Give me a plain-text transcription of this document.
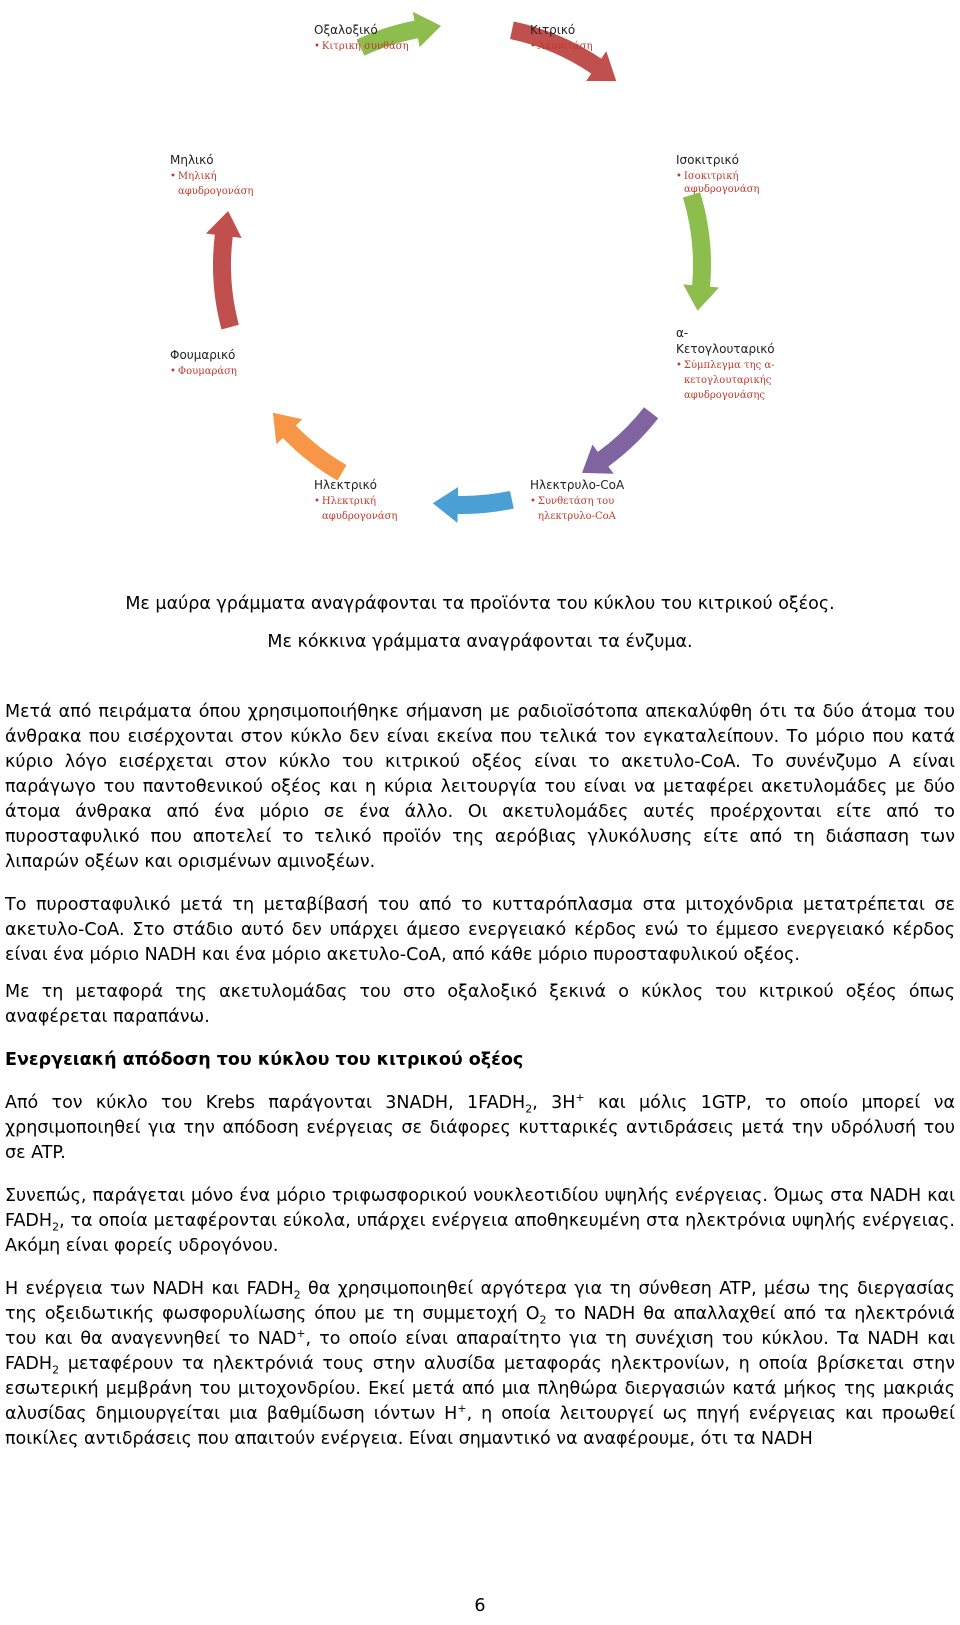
Οξαλοξικό
• Κιτρική συνθάση
Κιτρικό
• Ακονιτάση
Ισοκιτρικό
• Ισοκιτρική αφυδρογονάση
α-
Κετογλουταρικό
• Σύμπλεγμα της α-
κετογλουταρικής
αφυδρογονάσης
Ηλεκτρυλο-CoA
• Συνθετάση του
ηλεκτρυλο-CoA
Ηλεκτρικό
• Ηλεκτρική
αφυδρογονάση
Φουμαρικό
• Φουμαράση
Μηλικό
• Μηλική
αφυδρογονάση
Με μαύρα γράμματα αναγράφονται τα προϊόντα του κύκλου του κιτρικού οξέος.
Με κόκκινα γράμματα αναγράφονται τα ένζυμα.

Μετά από πειράματα όπου χρησιμοποιήθηκε σήμανση με ραδιοϊσότοπα απεκαλύφθη ότι τα δύο άτομα του άνθρακα που εισέρχονται στον κύκλο δεν είναι εκείνα που τελικά τον εγκαταλείπουν. Το μόριο που κατά κύριο λόγο εισέρχεται στον κύκλο του κιτρικού οξέος είναι το ακετυλο-CoA. Το συνένζυμο Α είναι παράγωγο του παντοθενικού οξέος και η κύρια λειτουργία του είναι να μεταφέρει ακετυλομάδες με δύο άτομα άνθρακα από ένα μόριο σε ένα άλλο. Οι ακετυλομάδες αυτές προέρχονται είτε από το πυροσταφυλικό που αποτελεί το τελικό προϊόν της αερόβιας γλυκόλυσης είτε από τη διάσπαση των λιπαρών οξέων και ορισμένων αμινοξέων.

Το πυροσταφυλικό μετά τη μεταβίβασή του από το κυτταρόπλασμα στα μιτοχόνδρια μετατρέπεται σε ακετυλο-CoA. Στο στάδιο αυτό δεν υπάρχει άμεσο ενεργειακό κέρδος ενώ το έμμεσο ενεργειακό κέρδος είναι ένα μόριο NADH και ένα μόριο ακετυλο-CoA, από κάθε μόριο πυροσταφυλικού οξέος.

Με τη μεταφορά της ακετυλομάδας του στο οξαλοξικό ξεκινά ο κύκλος του κιτρικού οξέος όπως αναφέρεται παραπάνω.

Ενεργειακή απόδοση του κύκλου του κιτρικού οξέος

Από τον κύκλο του Krebs παράγονται 3NADH, $1FADH_2$, 3H+ και μόλις 1GTP, το οποίο μπορεί να χρησιμοποιηθεί για την απόδοση ενέργειας σε διάφορες κυτταρικές αντιδράσεις μετά την υδρόλυσή του σε ATP.

Συνεπώς, παράγεται μόνο ένα μόριο τριφωσφορικού νουκλεοτιδίου υψηλής ενέργειας. Όμως στα NADH και $FADH_2$, τα οποία μεταφέρονται εύκολα, υπάρχει ενέργεια αποθηκευμένη στα ηλεκτρόνια υψηλής ενέργειας. Ακόμη είναι φορείς υδρογόνου.

Η ενέργεια των NADH και $FADH_2$ θα χρησιμοποιηθεί αργότερα για τη σύνθεση ATP, μέσω της διεργασίας της οξειδωτικής φωσφορυλίωσης όπου με τη συμμετοχή $O_2$ το NADH θα απαλλαχθεί από τα ηλεκτρόνιά του και θα αναγεννηθεί το NAD+, το οποίο είναι απαραίτητο για τη συνέχιση του κύκλου. Τα NADH και $FADH_2$ μεταφέρουν τα ηλεκτρόνιά τους στην αλυσίδα μεταφοράς ηλεκτρονίων, η οποία βρίσκεται στην εσωτερική μεμβράνη του μιτοχονδρίου. Εκεί μετά από μια πληθώρα διεργασιών κατά μήκος της μακριάς αλυσίδας δημιουργείται μια βαθμίδωση ιόντων H+, η οποία λειτουργεί ως πηγή ενέργειας και προωθεί ποικίλες αντιδράσεις που απαιτούν ενέργεια. Είναι σημαντικό να αναφέρουμε, ότι τα NADH

6
